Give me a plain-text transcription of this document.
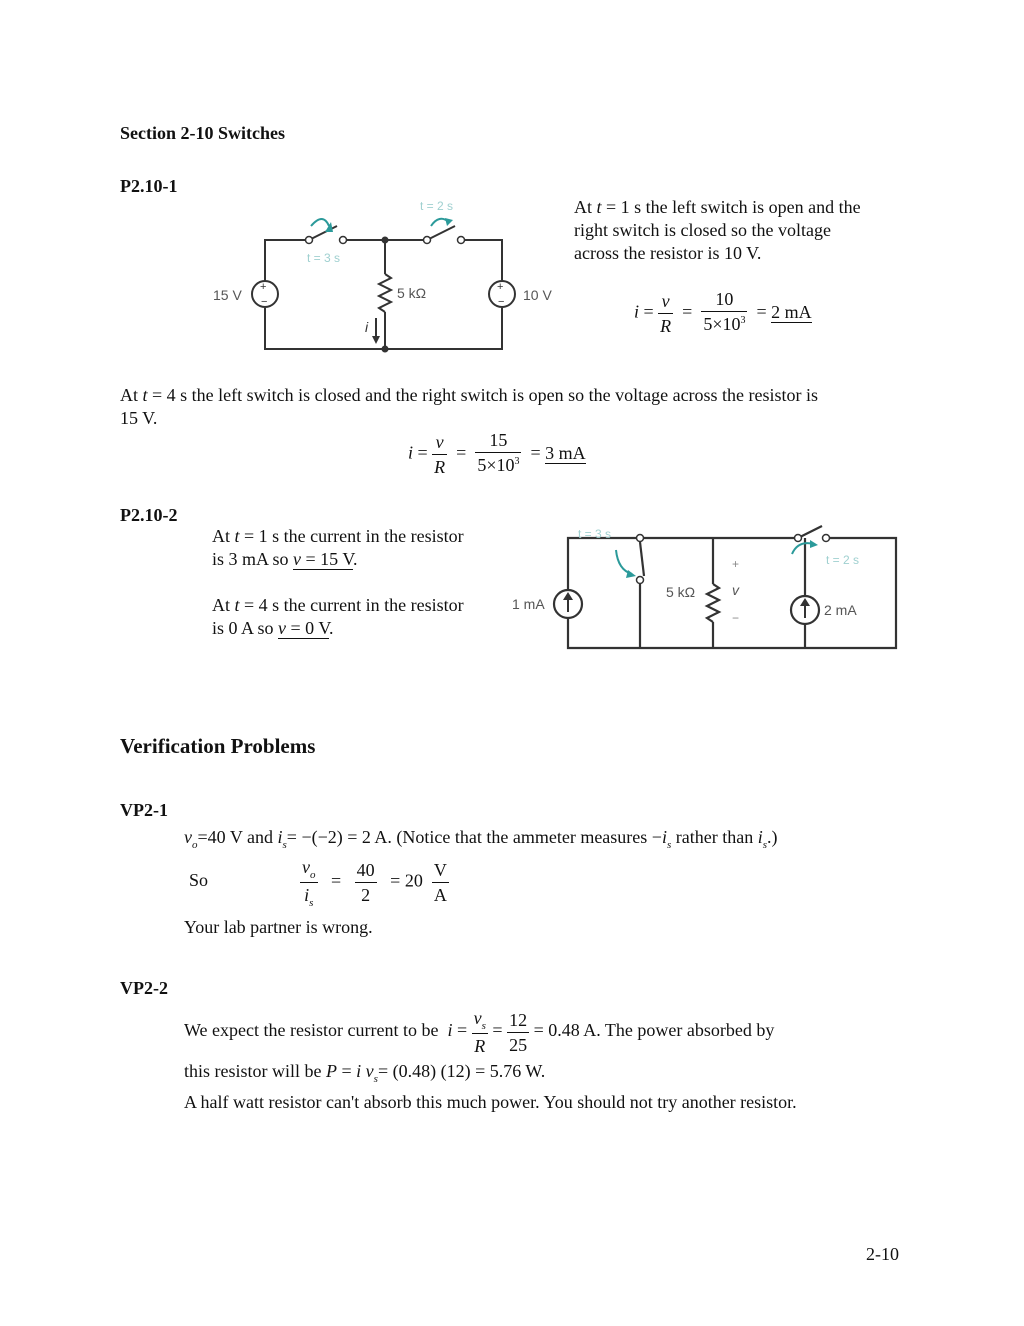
Section 2-10 Switches
P2.10-1
+
−
+
−
15 V	10 V
5 kΩ
i
t = 3 s
t = 2 s	At t = 1 s the left switch is open and the
right switch is closed so the voltage
across the resistor is 10 V.
$i = \frac{v}{R} = \frac{10}{5\times 10^3} = 2$ mA
At t = 4 s the left switch is closed and the right switch is open so the voltage across the resistor is
15 V.
$i = \frac{v}{R} = \frac{15}{5\times 10^3} = 3$ mA
P2.10-2
At t = 1 s the current in the resistor
is 3 mA so v = 15 V.
At t = 4 s the current in the resistor
is 0 A so v = 0 V.
t = 3 s
t = 2 s
1 mA	2 mA
5 kΩ
+
v
−
Verification Problems
VP2-1
$v_o=40$ V and $i_s= -(-2) = 2$ A. (Notice that the ammeter measures $-i_s$ rather than $i_s$.)
So	$\frac{v_o}{i_s} = \frac{40}{2} = 20 \frac{V}{A}$
Your lab partner is wrong.
VP2-2
We expect the resistor current to be $i = \frac{v_s}{R} = \frac{12}{25} = 0.48$ A. The power absorbed by
this resistor will be P = i $v_s= (0.48) (12) = 5.76$ W.
A half watt resistor can't absorb this much power. You should not try another resistor.
2-10
